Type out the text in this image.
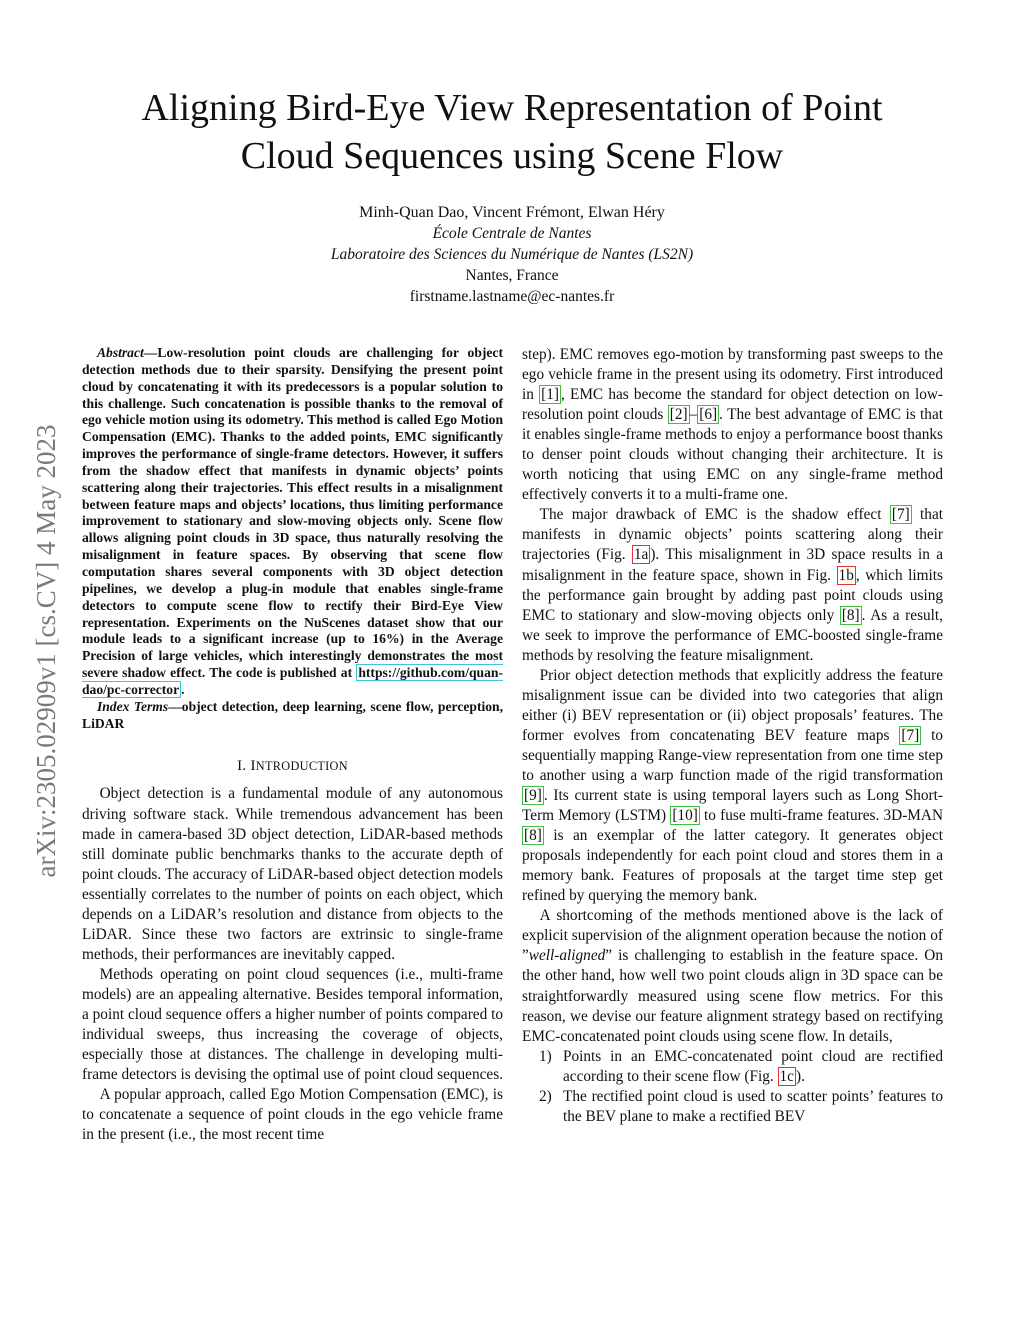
arXiv:2305.02909v1 [cs.CV] 4 May 2023
Aligning Bird-Eye View Representation of Point
Cloud Sequences using Scene Flow
Minh-Quan Dao, Vincent Frémont, Elwan Héry
École Centrale de Nantes
Laboratoire des Sciences du Numérique de Nantes (LS2N)
Nantes, France
firstname.lastname@ec-nantes.fr

Abstract—Low-resolution point clouds are challenging for object detection methods due to their sparsity. Densifying the present point cloud by concatenating it with its predecessors is a popular solution to this challenge. Such concatenation is possible thanks to the removal of ego vehicle motion using its odometry. This method is called Ego Motion Compensation (EMC). Thanks to the added points, EMC significantly improves the performance of single-frame detectors. However, it suffers from the shadow effect that manifests in dynamic objects’ points scattering along their trajectories. This effect results in a misalignment between feature maps and objects’ locations, thus limiting performance improvement to stationary and slow-moving objects only. Scene flow allows aligning point clouds in 3D space, thus naturally resolving the misalignment in feature spaces. By observing that scene flow computation shares several components with 3D object detection pipelines, we develop a plug-in module that enables single-frame detectors to compute scene flow to rectify their Bird-Eye View representation. Experiments on the NuScenes dataset show that our module leads to a significant increase (up to 16%) in the Average Precision of large vehicles, which interestingly demonstrates the most severe shadow effect. The code is published at https://github.com/quan-dao/pc-corrector .

Index Terms—object detection, deep learning, scene flow, perception, LiDAR

I. INTRODUCTION

Object detection is a fundamental module of any autonomous driving software stack. While tremendous advancement has been made in camera-based 3D object detection, LiDAR-based methods still dominate public benchmarks thanks to the accurate depth of point clouds. The accuracy of LiDAR-based object detection models essentially correlates to the number of points on each object, which depends on a LiDAR’s resolution and distance from objects to the LiDAR. Since these two factors are extrinsic to single-frame methods, their performances are inevitably capped.

Methods operating on point cloud sequences (i.e., multi-frame models) are an appealing alternative. Besides temporal information, a point cloud sequence offers a higher number of points compared to individual sweeps, thus increasing the coverage of objects, especially those at distances. The challenge in developing multi-frame detectors is devising the optimal use of point cloud sequences.

A popular approach, called Ego Motion Compensation (EMC), is to concatenate a sequence of point clouds in the ego vehicle frame in the present (i.e., the most recent time

step). EMC removes ego-motion by transforming past sweeps to the ego vehicle frame in the present using its odometry. First introduced in [1] , EMC has become the standard for object detection on low-resolution point clouds [2] – [6] . The best advantage of EMC is that it enables single-frame methods to enjoy a performance boost thanks to denser point clouds without changing their architecture. It is worth noticing that using EMC on any single-frame method effectively converts it to a multi-frame one.

The major drawback of EMC is the shadow effect [7] that manifests in dynamic objects’ points scattering along their trajectories (Fig. 1a ). This misalignment in 3D space results in a misalignment in the feature space, shown in Fig. 1b , which limits the performance gain brought by adding past point clouds using EMC to stationary and slow-moving objects only [8] . As a result, we seek to improve the performance of EMC-boosted single-frame methods by resolving the feature misalignment.

Prior object detection methods that explicitly address the feature misalignment issue can be divided into two categories that align either (i) BEV representation or (ii) object proposals’ features. The former evolves from concatenating BEV feature maps [7] to sequentially mapping Range-view representation from one time step to another using a warp function made of the rigid transformation [9] . Its current state is using temporal layers such as Long Short-Term Memory (LSTM) [10] to fuse multi-frame features. 3D-MAN [8] is an exemplar of the latter category. It generates object proposals independently for each point cloud and stores them in a memory bank. Features of proposals at the target time step get refined by querying the memory bank.

A shortcoming of the methods mentioned above is the lack of explicit supervision of the alignment operation because the notion of ”well-aligned” is challenging to establish in the feature space. On the other hand, how well two point clouds align in 3D space can be straightforwardly measured using scene flow metrics. For this reason, we devise our feature alignment strategy based on rectifying EMC-concatenated point clouds using scene flow. In details,

1) Points in an EMC-concatenated point cloud are rectified according to their scene flow (Fig. 1c ).
2) The rectified point cloud is used to scatter points’ features to the BEV plane to make a rectified BEV
